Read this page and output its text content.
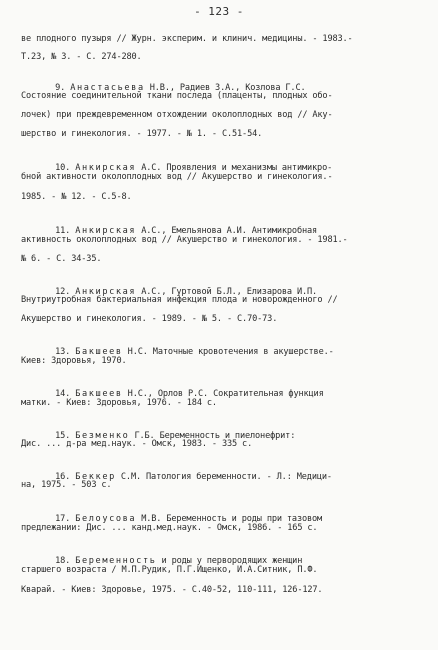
- 123 -
ве плодного пузыря // Журн. эксперим. и клинич. медицины. - 1983.-
Т.23, № 3. - С. 274-280.

9. Анастасьева Н.В., Радиев З.А., Козлова Г.С.

Состояние соединительной ткани последа (плаценты, плодных обо-
лочек) при преждевременном отхождении околоплодных вод // Аку-
шерство и гинекология. - 1977. - № 1. - С.51-54.

10. Анкирская А.С. Проявления и механизмы антимикро-

бной активности околоплодных вод // Акушерство и гинекология.-
1985. - № 12. - С.5-8.

11. Анкирская А.С., Емельянова А.И. Антимикробная

активность околоплодных вод // Акушерство и гинекология. - 1981.-
№ 6. - С. 34-35.

12. Анкирская А.С., Гуртовой Б.Л., Елизарова И.П.

Внутриутробная бактериальная инфекция плода и новорожденного //
Акушерство и гинекология. - 1989. - № 5. - С.70-73.

13. Бакшеев Н.С. Маточные кровотечения в акушерстве.-

Киев: Здоровья, 1970.

14. Бакшеев Н.С., Орлов Р.С. Сократительная функция

матки. - Киев: Здоровья, 1976. - 184 с.

15. Безменко Г.Б. Беременность и пиелонефрит:

Дис. ... д-ра мед.наук. - Омск, 1983. - 335 с.

16. Беккер С.М. Патология беременности. - Л.: Медици-

на, 1975. - 503 с.

17. Белоусова М.В. Беременность и роды при тазовом

предлежании: Дис. ... канд.мед.наук. - Омск, 1986. - 165 с.

18. Беременность и роды у первородящих женщин

старшего возраста / М.П.Рудик, П.Г.Ищенко, И.А.Ситник, П.Ф.
Кварай. - Киев: Здоровье, 1975. - С.40-52, 110-111, 126-127.
